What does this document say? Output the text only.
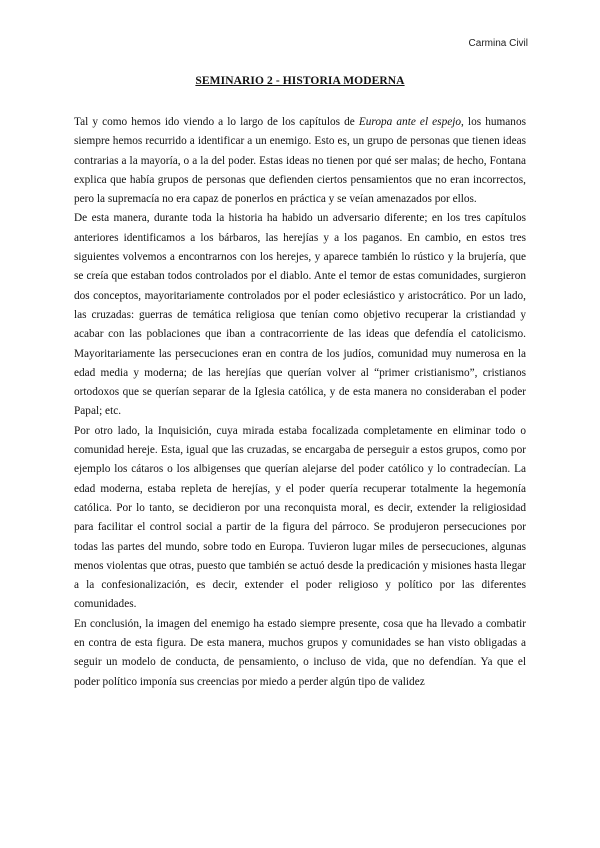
Carmina Civil
SEMINARIO 2 - HISTORIA MODERNA

Tal y como hemos ido viendo a lo largo de los capítulos de Europa ante el espejo, los humanos siempre hemos recurrido a identificar a un enemigo. Esto es, un grupo de personas que tienen ideas contrarias a la mayoría, o a la del poder. Estas ideas no tienen por qué ser malas; de hecho, Fontana explica que había grupos de personas que defienden ciertos pensamientos que no eran incorrectos, pero la supremacía no era capaz de ponerlos en práctica y se veían amenazados por ellos.

De esta manera, durante toda la historia ha habido un adversario diferente; en los tres capítulos anteriores identificamos a los bárbaros, las herejías y a los paganos. En cambio, en estos tres siguientes volvemos a encontrarnos con los herejes, y aparece también lo rústico y la brujería, que se creía que estaban todos controlados por el diablo. Ante el temor de estas comunidades, surgieron dos conceptos, mayoritariamente controlados por el poder eclesiástico y aristocrático. Por un lado, las cruzadas: guerras de temática religiosa que tenían como objetivo recuperar la cristiandad y acabar con las poblaciones que iban a contracorriente de las ideas que defendía el catolicismo. Mayoritariamente las persecuciones eran en contra de los judíos, comunidad muy numerosa en la edad media y moderna; de las herejías que querían volver al “primer cristianismo”, cristianos ortodoxos que se querían separar de la Iglesia católica, y de esta manera no consideraban el poder Papal; etc.

Por otro lado, la Inquisición, cuya mirada estaba focalizada completamente en eliminar todo o comunidad hereje. Esta, igual que las cruzadas, se encargaba de perseguir a estos grupos, como por ejemplo los cátaros o los albigenses que querían alejarse del poder católico y lo contradecían. La edad moderna, estaba repleta de herejías, y el poder quería recuperar totalmente la hegemonía católica. Por lo tanto, se decidieron por una reconquista moral, es decir, extender la religiosidad para facilitar el control social a partir de la figura del párroco. Se produjeron persecuciones por todas las partes del mundo, sobre todo en Europa. Tuvieron lugar miles de persecuciones, algunas menos violentas que otras, puesto que también se actuó desde la predicación y misiones hasta llegar a la confesionalización, es decir, extender el poder religioso y político por las diferentes comunidades.

En conclusión, la imagen del enemigo ha estado siempre presente, cosa que ha llevado a combatir en contra de esta figura. De esta manera, muchos grupos y comunidades se han visto obligadas a seguir un modelo de conducta, de pensamiento, o incluso de vida, que no defendían. Ya que el poder político imponía sus creencias por miedo a perder algún tipo de validez
